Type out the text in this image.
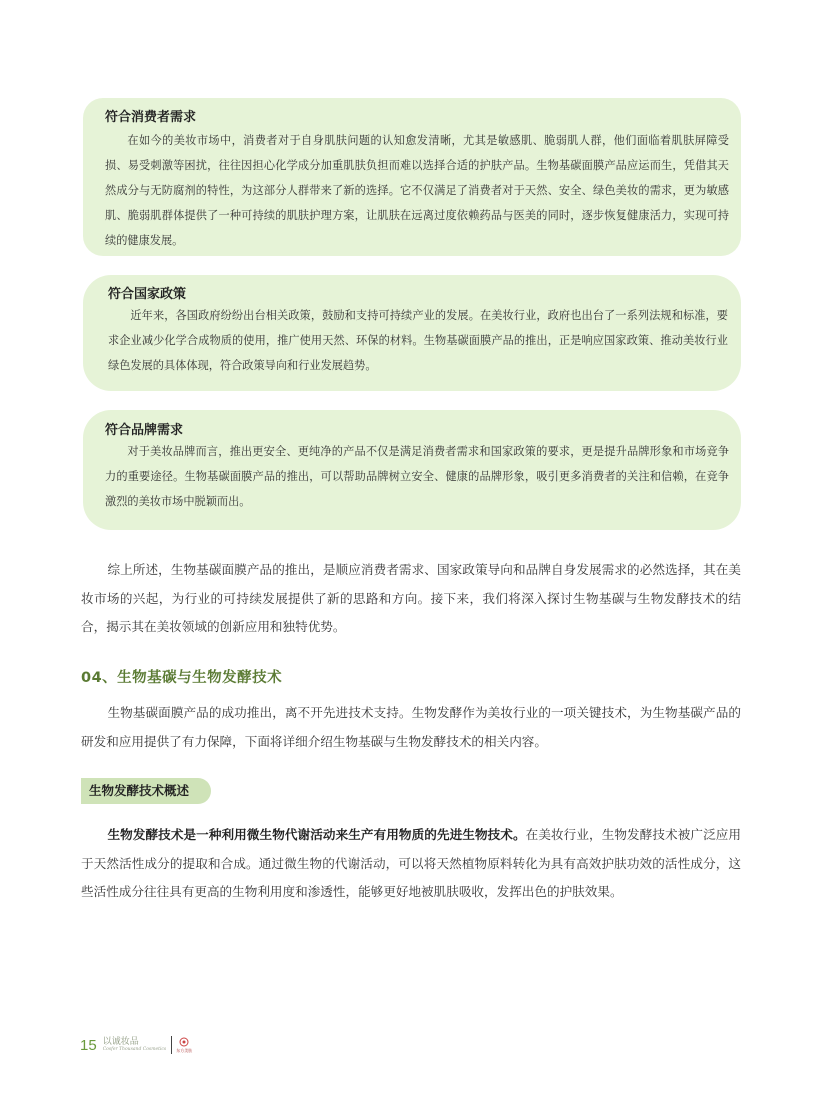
符合消费者需求
在如今的美妆市场中，消费者对于自身肌肤问题的认知愈发清晰，尤其是敏感肌、脆弱肌人群，他们面临着肌肤屏障受损、易受刺激等困扰，往往因担心化学成分加重肌肤负担而难以选择合适的护肤产品。生物基碳面膜产品应运而生，凭借其天然成分与无防腐剂的特性，为这部分人群带来了新的选择。它不仅满足了消费者对于天然、安全、绿色美妆的需求，更为敏感肌、脆弱肌群体提供了一种可持续的肌肤护理方案，让肌肤在远离过度依赖药品与医美的同时，逐步恢复健康活力，实现可持续的健康发展。
符合国家政策
近年来，各国政府纷纷出台相关政策，鼓励和支持可持续产业的发展。在美妆行业，政府也出台了一系列法规和标准，要求企业减少化学合成物质的使用，推广使用天然、环保的材料。生物基碳面膜产品的推出，正是响应国家政策、推动美妆行业绿色发展的具体体现，符合政策导向和行业发展趋势。
符合品牌需求
对于美妆品牌而言，推出更安全、更纯净的产品不仅是满足消费者需求和国家政策的要求，更是提升品牌形象和市场竞争力的重要途径。生物基碳面膜产品的推出，可以帮助品牌树立安全、健康的品牌形象，吸引更多消费者的关注和信赖，在竞争激烈的美妆市场中脱颖而出。
综上所述，生物基碳面膜产品的推出，是顺应消费者需求、国家政策导向和品牌自身发展需求的必然选择，其在美妆市场的兴起，为行业的可持续发展提供了新的思路和方向。接下来，我们将深入探讨生物基碳与生物发酵技术的结合，揭示其在美妆领域的创新应用和独特优势。
04、生物基碳与生物发酵技术
生物基碳面膜产品的成功推出，离不开先进技术支持。生物发酵作为美妆行业的一项关键技术，为生物基碳产品的研发和应用提供了有力保障，下面将详细介绍生物基碳与生物发酵技术的相关内容。
生物发酵技术概述
生物发酵技术是一种利用微生物代谢活动来生产有用物质的先进生物技术。在美妆行业，生物发酵技术被广泛应用于天然活性成分的提取和合成。通过微生物的代谢活动，可以将天然植物原料转化为具有高效护肤功效的活性成分，这些活性成分往往具有更高的生物利用度和渗透性，能够更好地被肌肤吸收，发挥出色的护肤效果。
15 以诚妆品
Cosfer Thousand Cosmetics	东方美肤
